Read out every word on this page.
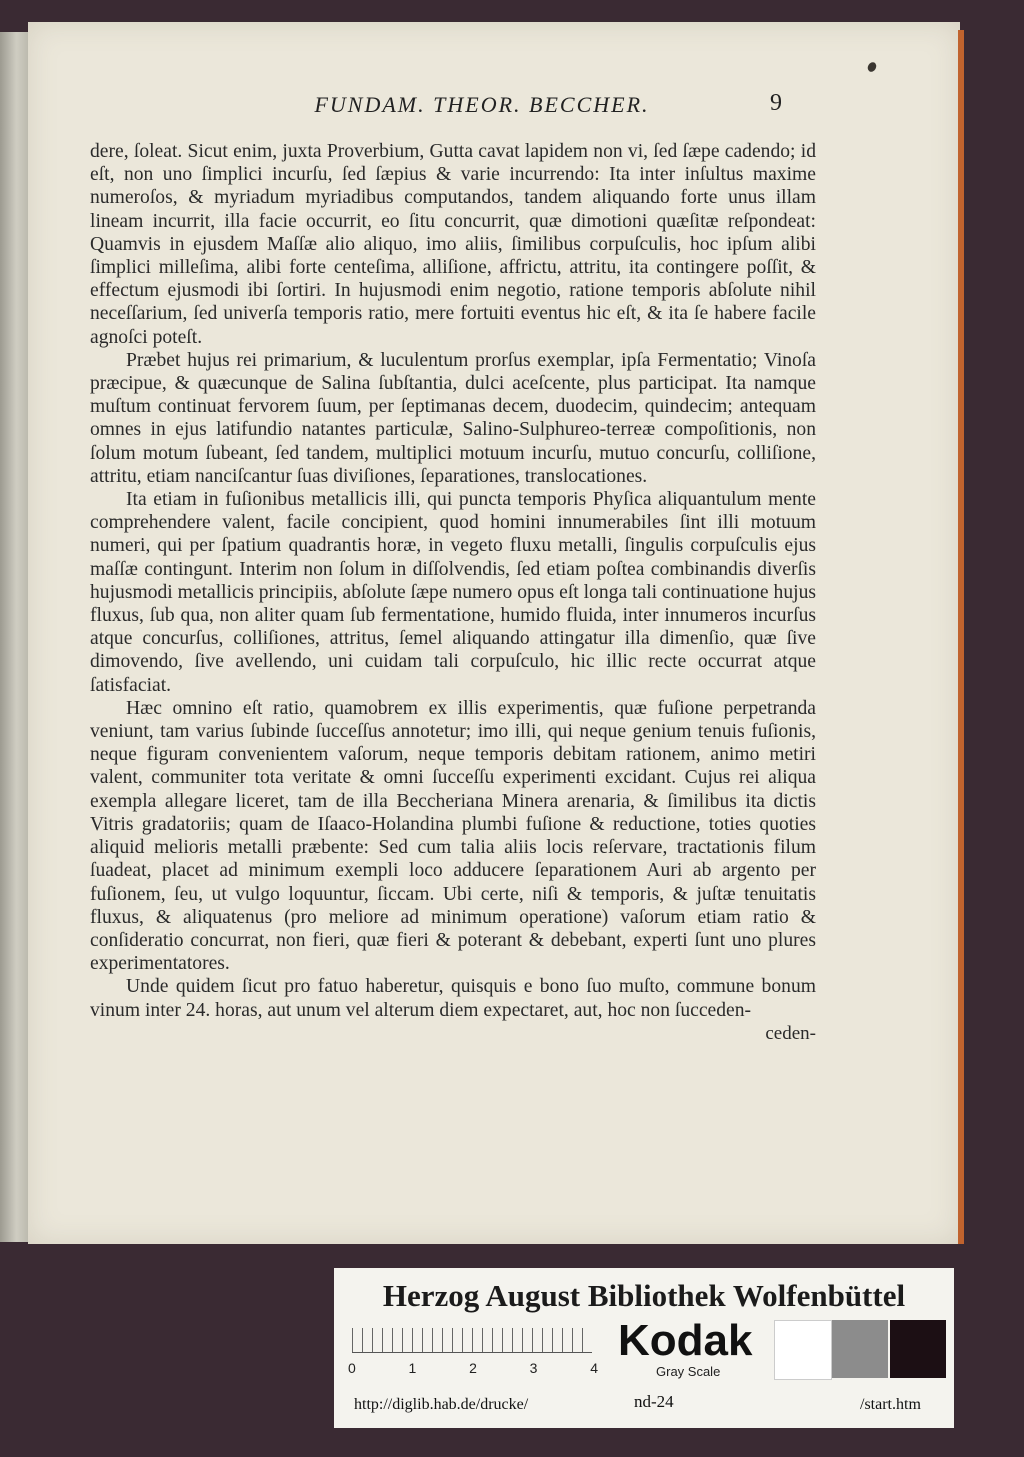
FUNDAM. THEOR. BECCHER.	9

dere, ſoleat. Sicut enim, juxta Proverbium, Gutta cavat lapidem non vi, ſed ſæpe cadendo; id eſt, non uno ſimplici incurſu, ſed ſæpius & varie incurrendo: Ita inter inſultus maxime numeroſos, & myriadum myriadibus computandos, tandem aliquando forte unus illam lineam incurrit, illa facie occurrit, eo ſitu concurrit, quæ dimotioni quæſitæ reſpondeat: Quamvis in ejusdem Maſſæ alio aliquo, imo aliis, ſimilibus corpuſculis, hoc ipſum alibi ſimplici milleſima, alibi forte centeſima, alliſione, affrictu, attritu, ita contingere poſſit, & effectum ejusmodi ibi ſortiri. In hujusmodi enim negotio, ratione temporis abſolute nihil neceſſarium, ſed univerſa temporis ratio, mere fortuiti eventus hic eſt, & ita ſe habere facile agnoſci poteſt.

Præbet hujus rei primarium, & luculentum prorſus exemplar, ipſa Fermentatio; Vinoſa præcipue, & quæcunque de Salina ſubſtantia, dulci aceſcente, plus participat. Ita namque muſtum continuat fervorem ſuum, per ſeptimanas decem, duodecim, quindecim; antequam omnes in ejus latifundio natantes particulæ, Salino-Sulphureo-terreæ compoſitionis, non ſolum motum ſubeant, ſed tandem, multiplici motuum incurſu, mutuo concurſu, colliſione, attritu, etiam nanciſcantur ſuas diviſiones, ſeparationes, translocationes.

Ita etiam in fuſionibus metallicis illi, qui puncta temporis Phyſica aliquantulum mente comprehendere valent, facile concipient, quod homini innumerabiles ſint illi motuum numeri, qui per ſpatium quadrantis horæ, in vegeto fluxu metalli, ſingulis corpuſculis ejus maſſæ contingunt. Interim non ſolum in diſſolvendis, ſed etiam poſtea combinandis diverſis hujusmodi metallicis principiis, abſolute ſæpe numero opus eſt longa tali continuatione hujus fluxus, ſub qua, non aliter quam ſub fermentatione, humido fluida, inter innumeros incurſus atque concurſus, colliſiones, attritus, ſemel aliquando attingatur illa dimenſio, quæ ſive dimovendo, ſive avellendo, uni cuidam tali corpuſculo, hic illic recte occurrat atque ſatisfaciat.

Hæc omnino eſt ratio, quamobrem ex illis experimentis, quæ fuſione perpetranda veniunt, tam varius ſubinde ſucceſſus annotetur; imo illi, qui neque genium tenuis fuſionis, neque figuram convenientem vaſorum, neque temporis debitam rationem, animo metiri valent, communiter tota veritate & omni ſucceſſu experimenti excidant. Cujus rei aliqua exempla allegare liceret, tam de illa Beccheriana Minera arenaria, & ſimilibus ita dictis Vitris gradatoriis; quam de Iſaaco-Holandina plumbi fuſione & reductione, toties quoties aliquid melioris metalli præbente: Sed cum talia aliis locis reſervare, tractationis filum ſuadeat, placet ad minimum exempli loco adducere ſeparationem Auri ab argento per fuſionem, ſeu, ut vulgo loquuntur, ſiccam. Ubi certe, niſi & temporis, & juſtæ tenuitatis fluxus, & aliquatenus (pro meliore ad minimum operatione) vaſorum etiam ratio & conſideratio concurrat, non fieri, quæ fieri & poterant & debebant, experti ſunt uno plures experimentatores.

Unde quidem ſicut pro fatuo haberetur, quisquis e bono ſuo muſto, commune bonum vinum inter 24. horas, aut unum vel alterum diem expectaret, aut, hoc non ſucceden-

ceden-

Herzog August Bibliothek Wolfenbüttel
0	1	2	3	4
Kodak
Gray Scale
http://diglib.hab.de/drucke/	nd-24	/start.htm
